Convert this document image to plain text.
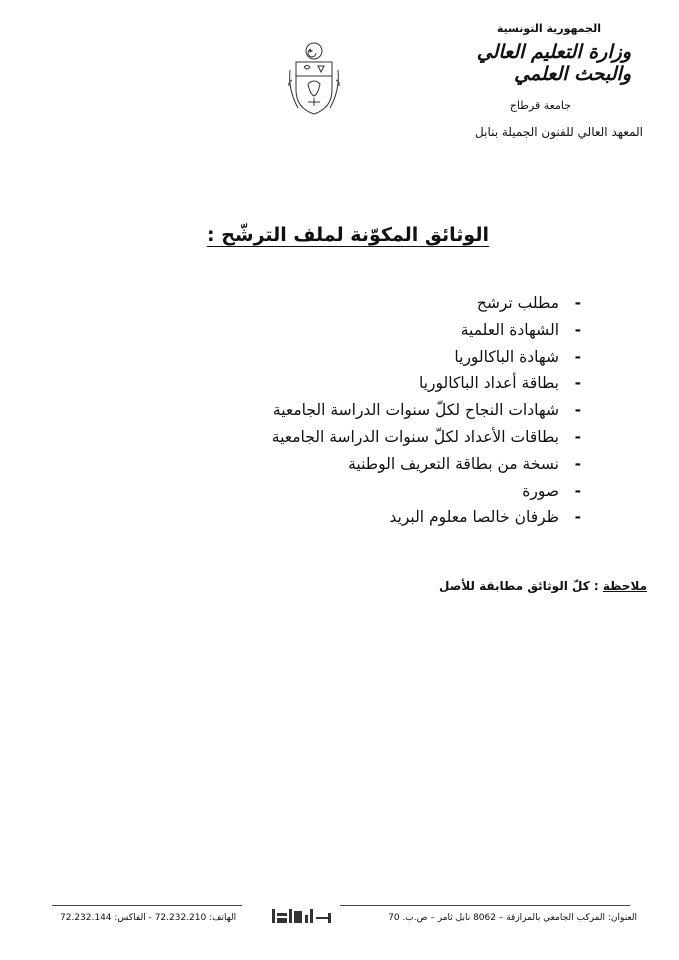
الجمهورية التونسية
وزارة التعليم العالي
والبحث العلمي
جامعة قرطاج
المعهد العالي للفنون الجميلة بنابل
الوثائق المكوّنة لملف الترشّح :
-مطلب ترشح
-الشهادة العلمية
-شهادة الباكالوريا
-بطاقة أعداد الباكالوريا
-شهادات النجاح لكلّ سنوات الدراسة الجامعية
-بطاقات الأعداد لكلّ سنوات الدراسة الجامعية
-نسخة من بطاقة التعريف الوطنية
-صورة
-ظرفان خالصا معلوم البريد
ملاحظة : كلّ الوثائق مطابقة للأصل
الهاتف: 72.232.210 - الفاكس: 72.232.144	العنوان: المركب الجامعي بالمرازقة – 8062 نابل ثامر – ص.ب. 70
